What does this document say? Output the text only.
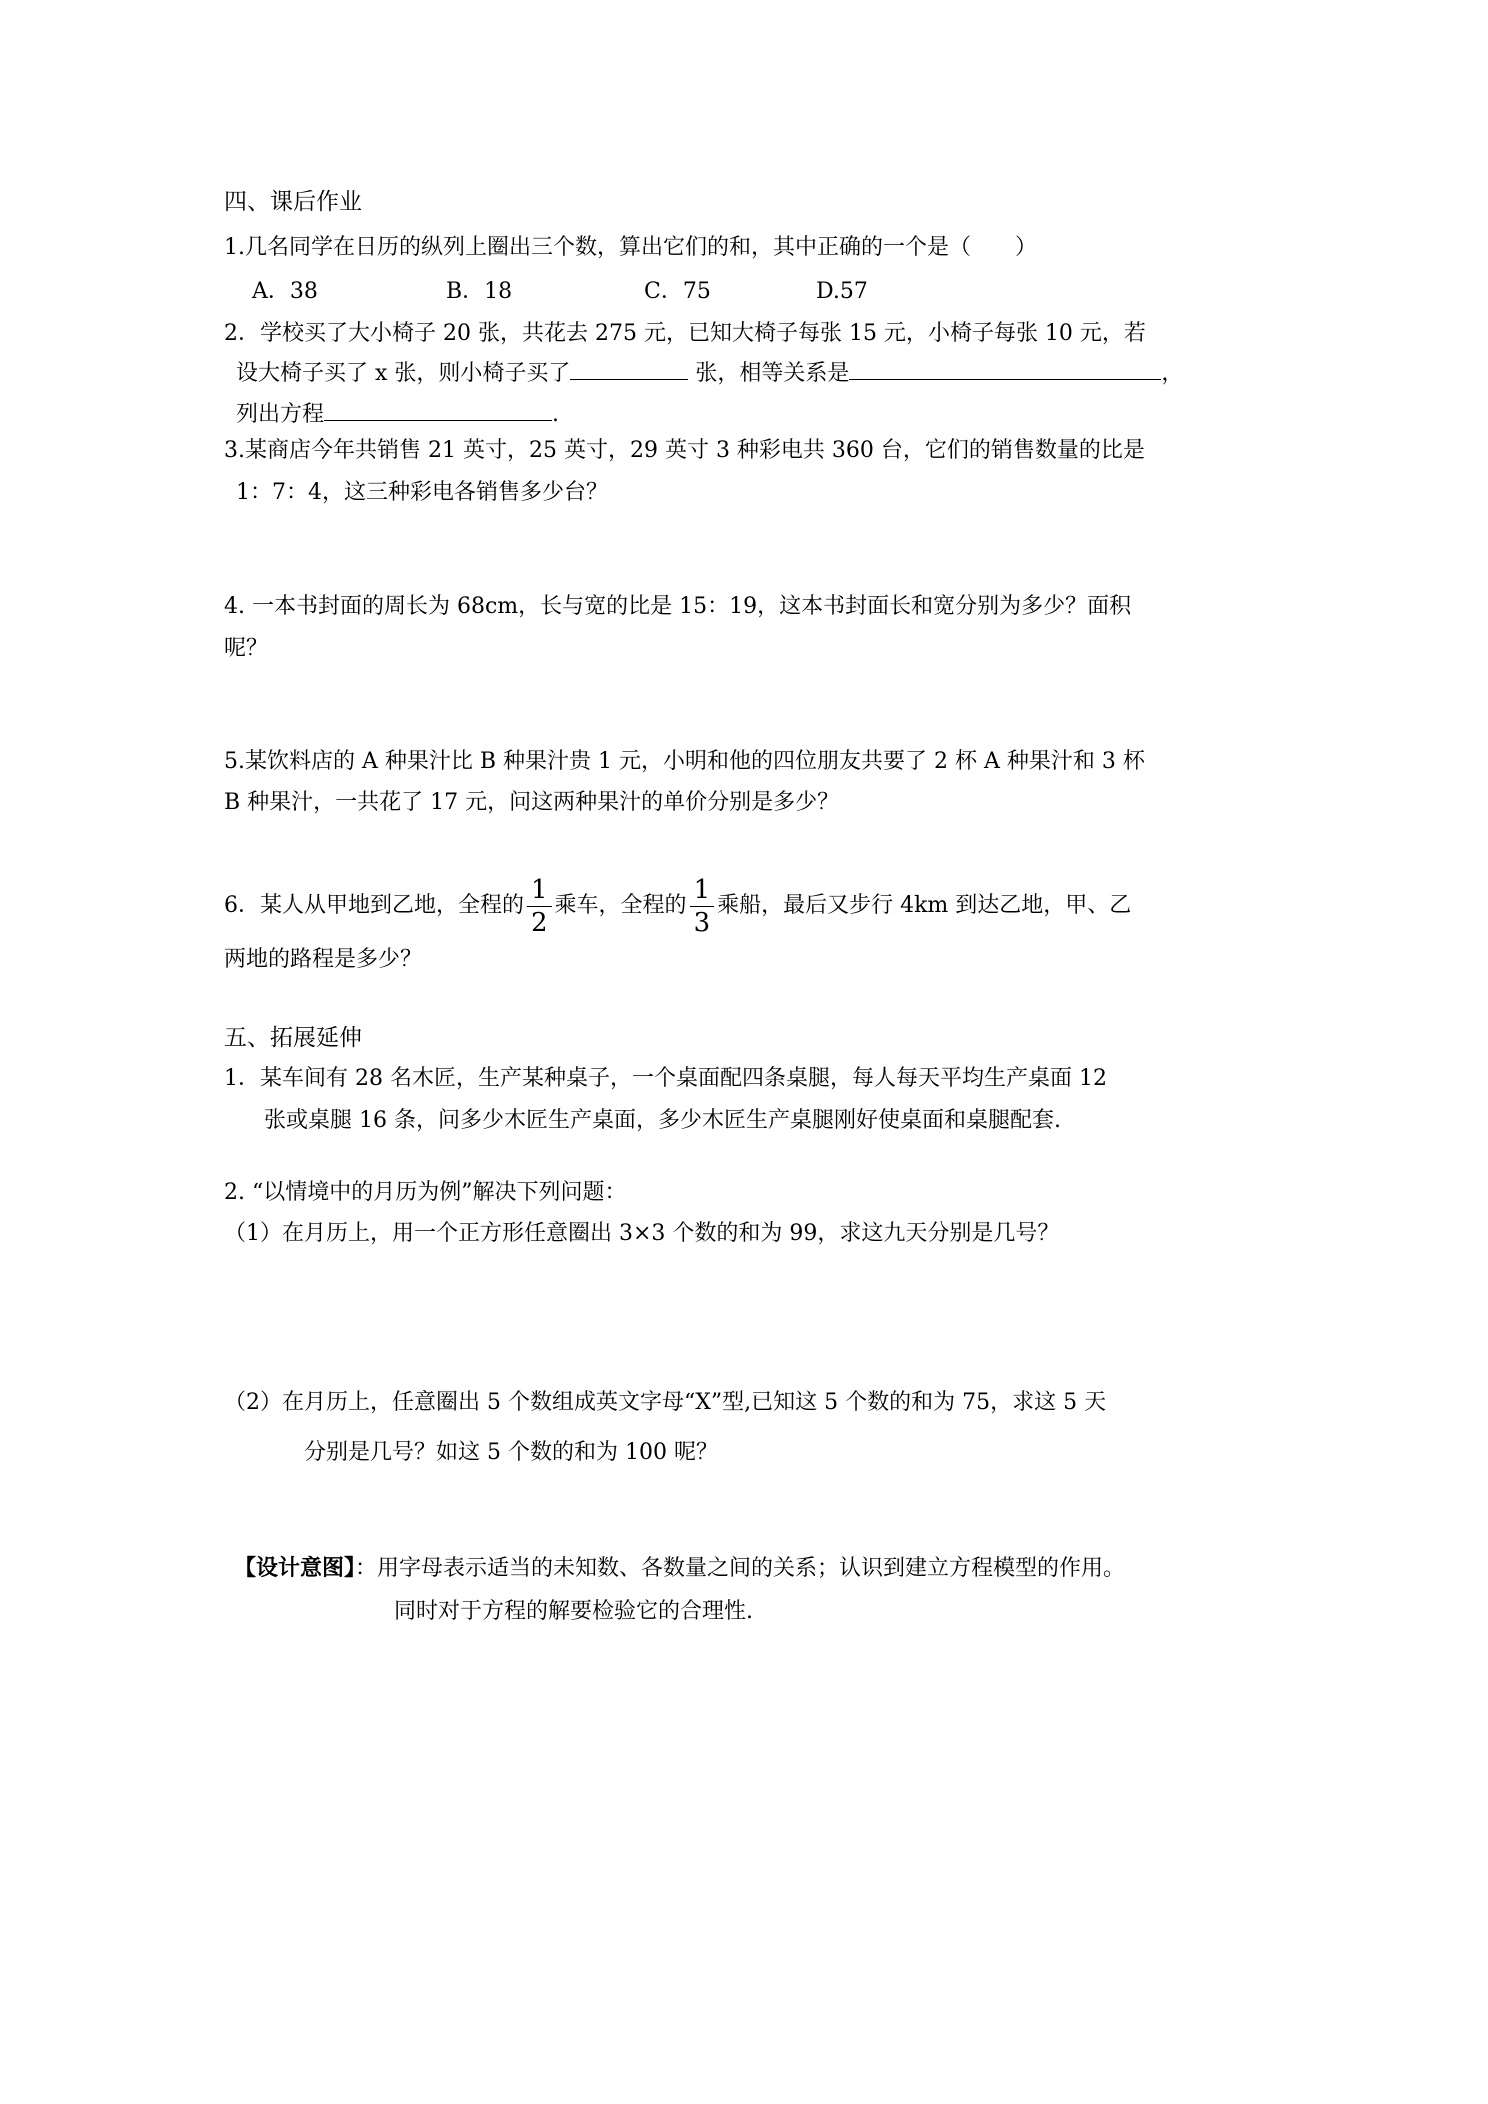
四、课后作业
1.几名同学在日历的纵列上圈出三个数，算出它们的和，其中正确的一个是（　　）
A．38	B．18	C．75	D.57
2．学校买了大小椅子 20 张，共花去 275 元，已知大椅子每张 15 元，小椅子每张 10 元，若
设大椅子买了 x 张，则小椅子买了	张，相等关系是	，
列出方程	.
3.某商店今年共销售 21 英寸，25 英寸，29 英寸 3 种彩电共 360 台，它们的销售数量的比是
1：7：4，这三种彩电各销售多少台？
4. 一本书封面的周长为 68cm，长与宽的比是 15：19，这本书封面长和宽分别为多少？面积
呢？
5.某饮料店的 A 种果汁比 B 种果汁贵 1 元，小明和他的四位朋友共要了 2 杯 A 种果汁和 3 杯
B 种果汁，一共花了 17 元，问这两种果汁的单价分别是多少？
6．某人从甲地到乙地，全程的 $\frac{1}{2}$ 乘车，全程的 $\frac{1}{3}$ 乘船，最后又步行 4km 到达乙地，甲、乙
两地的路程是多少？
五、拓展延伸
1．某车间有 28 名木匠，生产某种桌子，一个桌面配四条桌腿，每人每天平均生产桌面 12
张或桌腿 16 条，问多少木匠生产桌面，多少木匠生产桌腿刚好使桌面和桌腿配套.
2. “以情境中的月历为例”解决下列问题：
（1）在月历上，用一个正方形任意圈出 3×3 个数的和为 99，求这九天分别是几号？
（2）在月历上，任意圈出 5 个数组成英文字母“X”型,已知这 5 个数的和为 75，求这 5 天
分别是几号？如这 5 个数的和为 100 呢？
【设计意图】：用字母表示适当的未知数、各数量之间的关系；认识到建立方程模型的作用。
同时对于方程的解要检验它的合理性.
